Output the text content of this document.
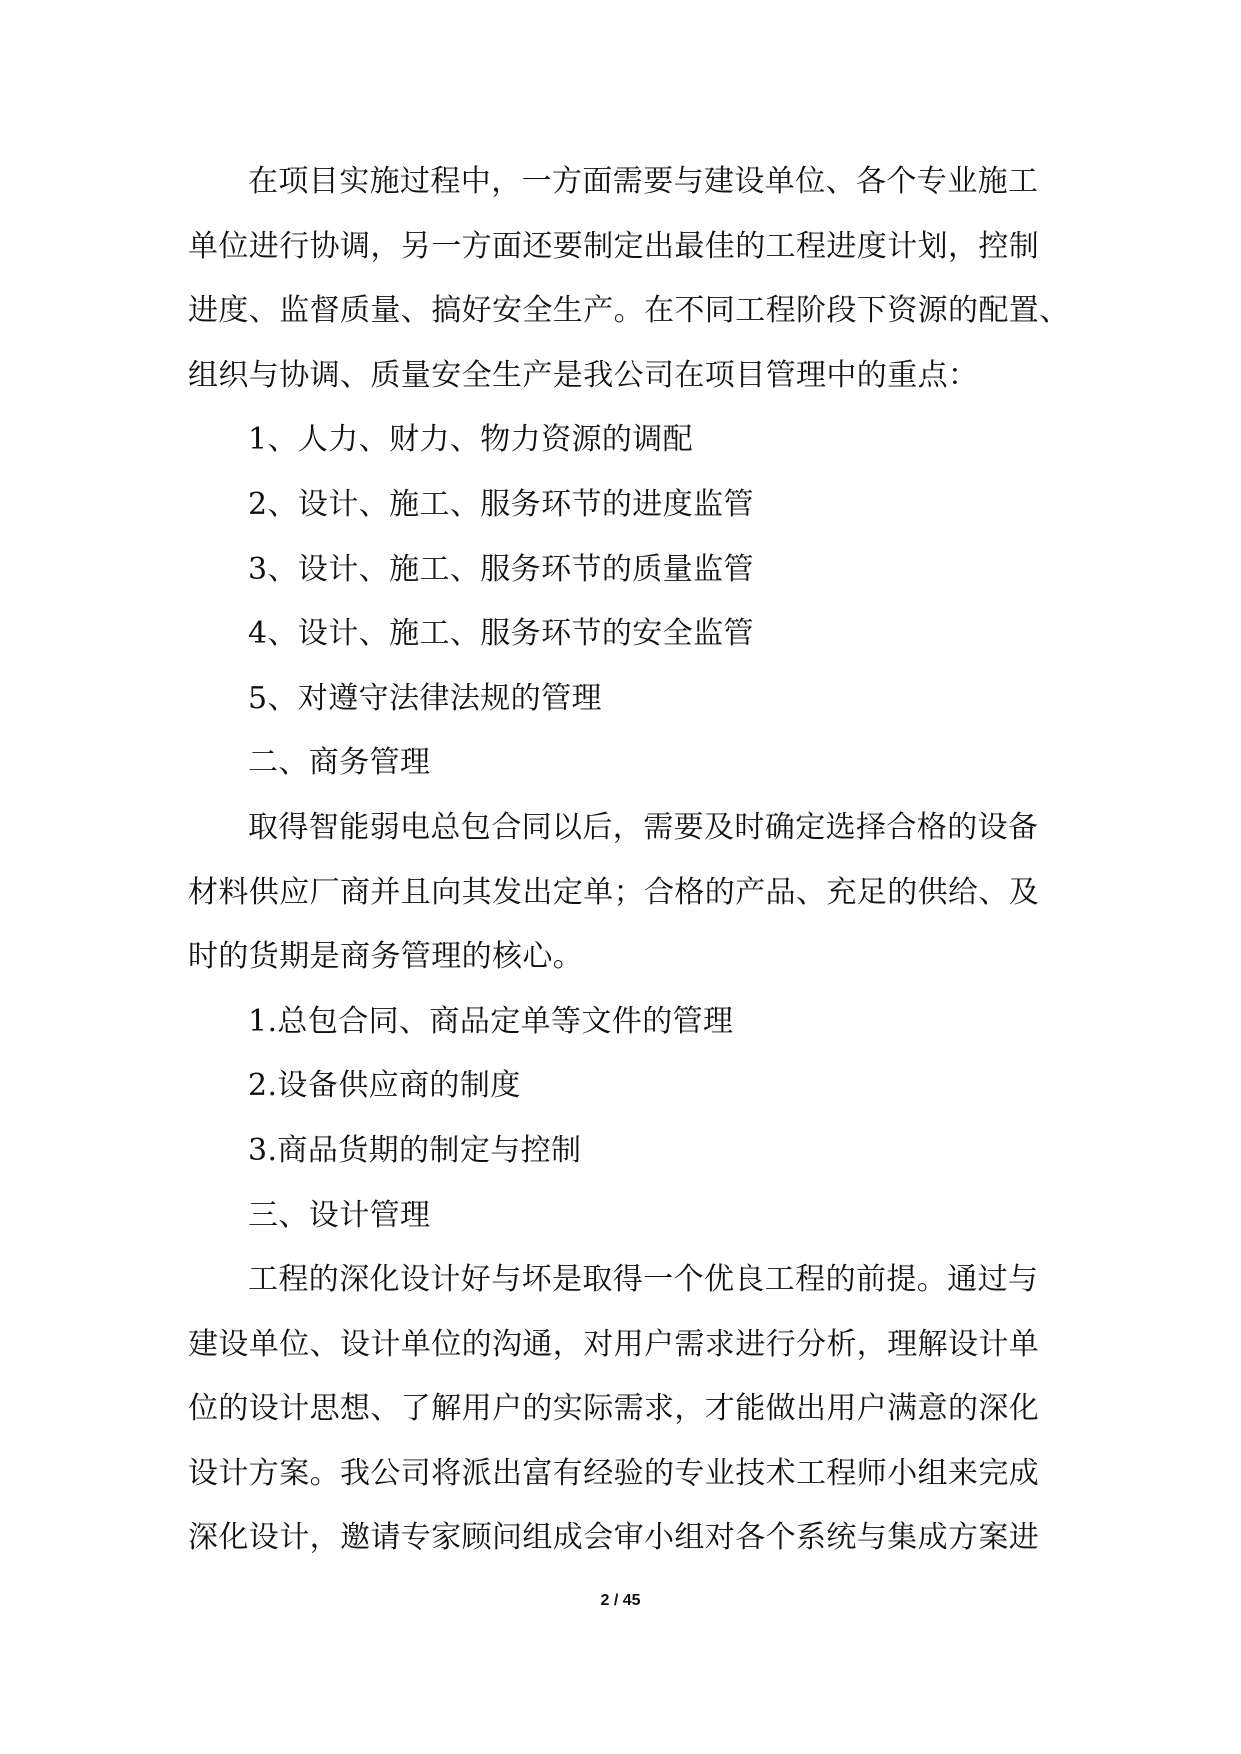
在项目实施过程中，一方面需要与建设单位、各个专业施工
单位进行协调，另一方面还要制定出最佳的工程进度计划，控制
进度、监督质量、搞好安全生产。在不同工程阶段下资源的配置、
组织与协调、质量安全生产是我公司在项目管理中的重点：
1、人力、财力、物力资源的调配
2、设计、施工、服务环节的进度监管
3、设计、施工、服务环节的质量监管
4、设计、施工、服务环节的安全监管
5、对遵守法律法规的管理
二、商务管理
取得智能弱电总包合同以后，需要及时确定选择合格的设备
材料供应厂商并且向其发出定单；合格的产品、充足的供给、及
时的货期是商务管理的核心。
1.总包合同、商品定单等文件的管理
2.设备供应商的制度
3.商品货期的制定与控制
三、设计管理
工程的深化设计好与坏是取得一个优良工程的前提。通过与
建设单位、设计单位的沟通，对用户需求进行分析，理解设计单
位的设计思想、了解用户的实际需求，才能做出用户满意的深化
设计方案。我公司将派出富有经验的专业技术工程师小组来完成
深化设计，邀请专家顾问组成会审小组对各个系统与集成方案进
2 / 45
